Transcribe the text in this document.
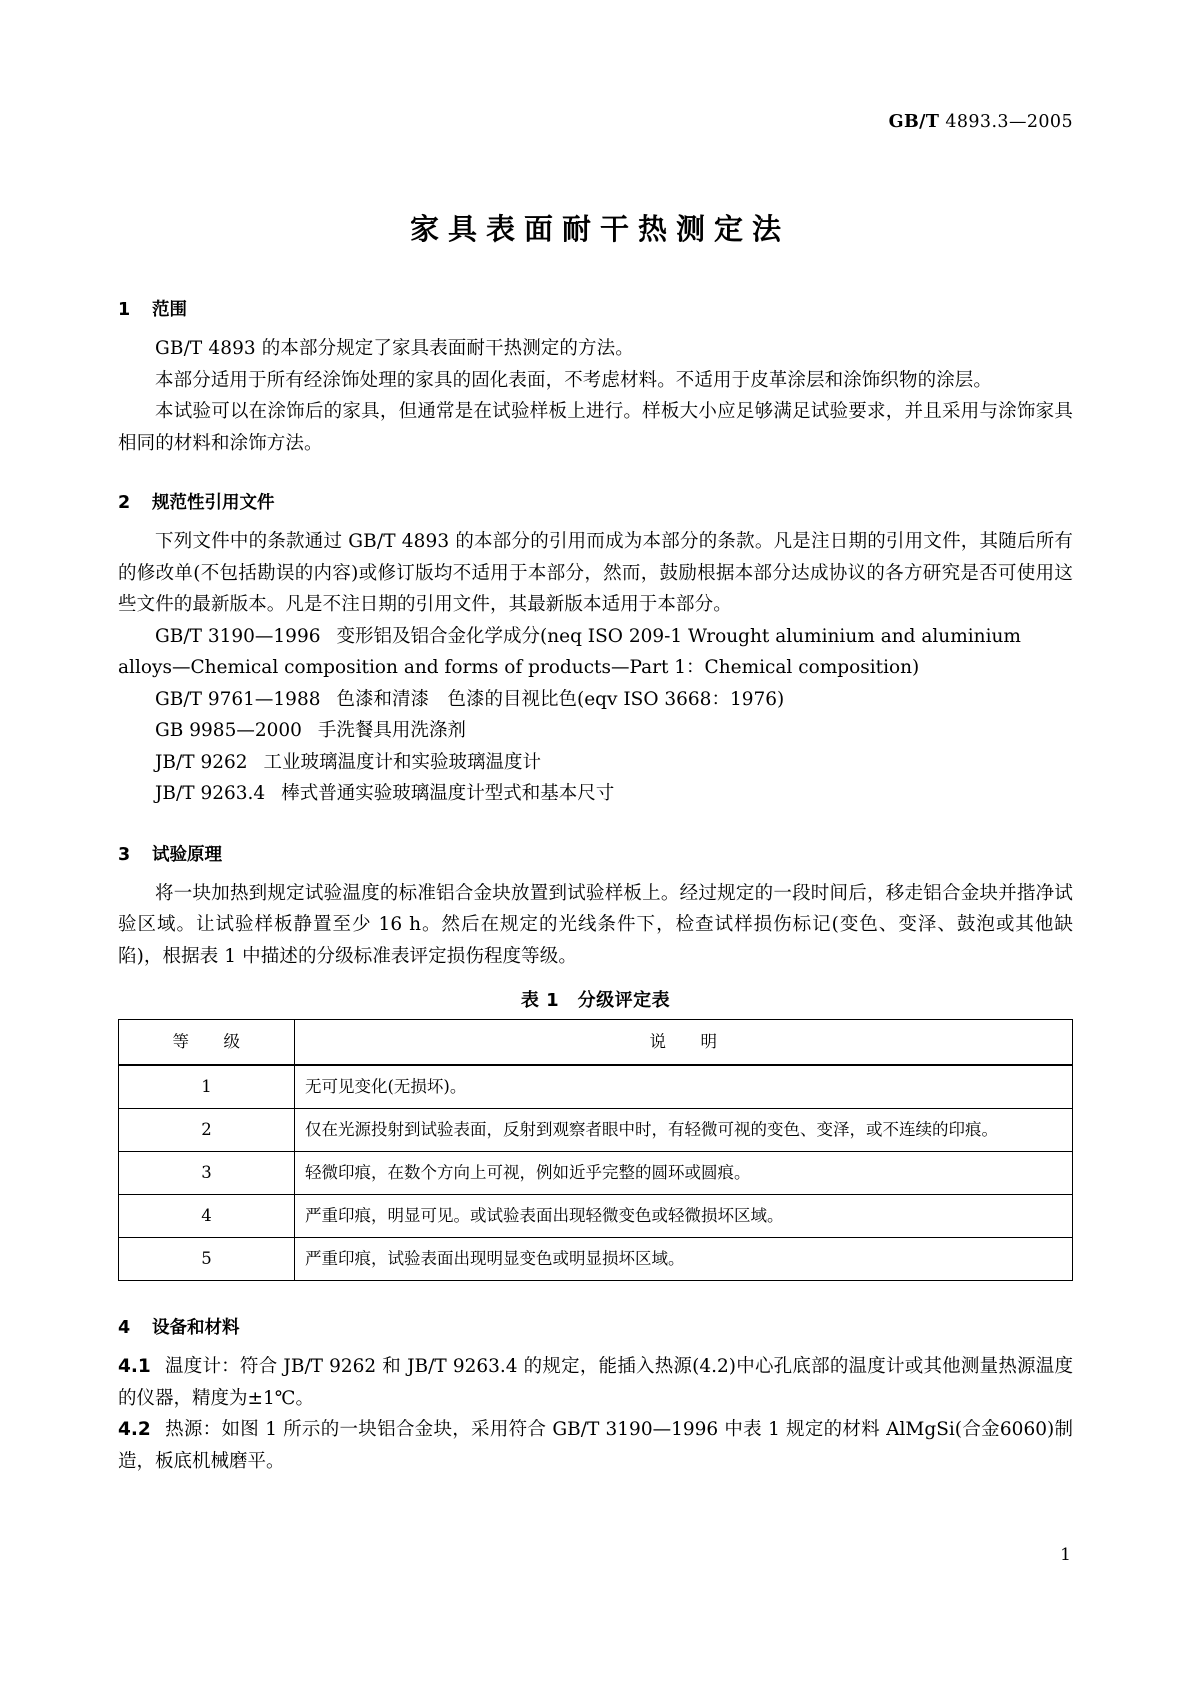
GB/T 4893.3—2005
家具表面耐干热测定法
1 范围

GB/T 4893 的本部分规定了家具表面耐干热测定的方法。

本部分适用于所有经涂饰处理的家具的固化表面，不考虑材料。不适用于皮革涂层和涂饰织物的涂层。

本试验可以在涂饰后的家具，但通常是在试验样板上进行。样板大小应足够满足试验要求，并且采用与涂饰家具相同的材料和涂饰方法。

2 规范性引用文件

下列文件中的条款通过 GB/T 4893 的本部分的引用而成为本部分的条款。凡是注日期的引用文件，其随后所有的修改单(不包括勘误的内容)或修订版均不适用于本部分，然而，鼓励根据本部分达成协议的各方研究是否可使用这些文件的最新版本。凡是不注日期的引用文件，其最新版本适用于本部分。

GB/T 3190—1996 变形铝及铝合金化学成分(neq ISO 209-1 Wrought aluminium and aluminium

alloys—Chemical composition and forms of products—Part 1：Chemical composition)

GB/T 9761—1988 色漆和清漆　色漆的目视比色(eqv ISO 3668：1976)

GB 9985—2000 手洗餐具用洗涤剂

JB/T 9262 工业玻璃温度计和实验玻璃温度计

JB/T 9263.4 棒式普通实验玻璃温度计型式和基本尺寸

3 试验原理

将一块加热到规定试验温度的标准铝合金块放置到试验样板上。经过规定的一段时间后，移走铝合金块并揩净试验区域。让试验样板静置至少 16 h。然后在规定的光线条件下，检查试样损伤标记(变色、变泽、鼓泡或其他缺陷)，根据表 1 中描述的分级标准表评定损伤程度等级。

表 1　分级评定表
等　　级	说　　明
1	无可见变化(无损坏)。
2	仅在光源投射到试验表面，反射到观察者眼中时，有轻微可视的变色、变泽，或不连续的印痕。
3	轻微印痕，在数个方向上可视，例如近乎完整的圆环或圆痕。
4	严重印痕，明显可见。或试验表面出现轻微变色或轻微损坏区域。
5	严重印痕，试验表面出现明显变色或明显损坏区域。
4 设备和材料

4.1 温度计：符合 JB/T 9262 和 JB/T 9263.4 的规定，能插入热源(4.2)中心孔底部的温度计或其他测量热源温度的仪器，精度为±1℃。

4.2 热源：如图 1 所示的一块铝合金块，采用符合 GB/T 3190—1996 中表 1 规定的材料 AlMgSi(合金6060)制造，板底机械磨平。

1
